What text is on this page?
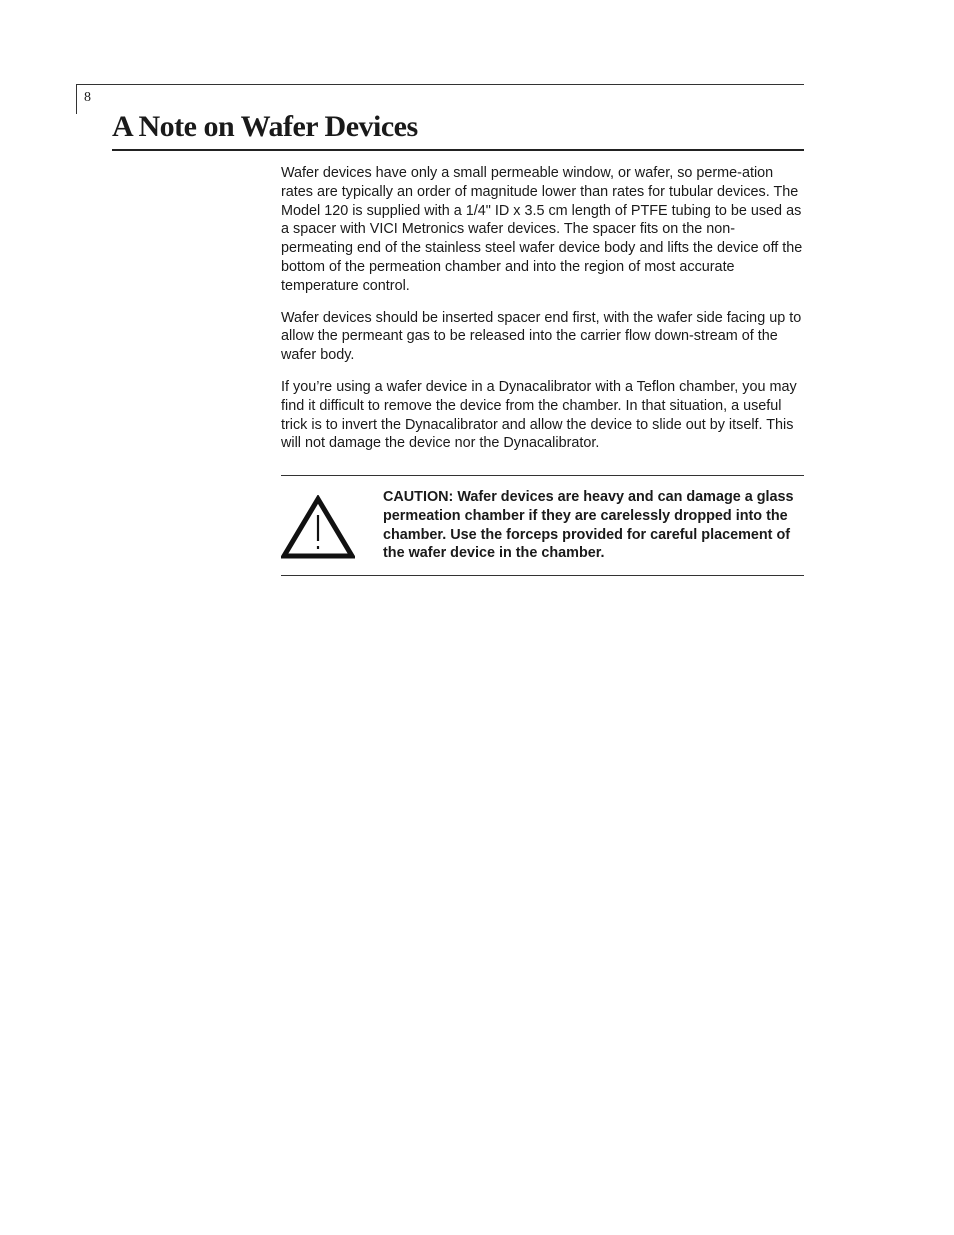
8
A Note on Wafer Devices

Wafer devices have only a small permeable window, or wafer, so perme-ation rates are typically an order of magnitude lower than rates for tubular devices. The Model 120 is supplied with a 1/4" ID x 3.5 cm length of PTFE tubing to be used as a spacer with VICI Metronics wafer devices. The spacer fits on the non-permeating end of the stainless steel wafer device body and lifts the device off the bottom of the permeation chamber and into the region of most accurate temperature control.

Wafer devices should be inserted spacer end first, with the wafer side facing up to allow the permeant gas to be released into the carrier flow down-stream of the wafer body.

If you’re using a wafer device in a Dynacalibrator with a Teflon chamber, you may find it difficult to remove the device from the chamber. In that situation, a useful trick is to invert the Dynacalibrator and allow the device to slide out by itself. This will not damage the device nor the Dynacalibrator.

CAUTION: Wafer devices are heavy and can damage a glass permeation chamber if they are carelessly dropped into the chamber. Use the forceps provided for careful placement of the wafer device in the chamber.
